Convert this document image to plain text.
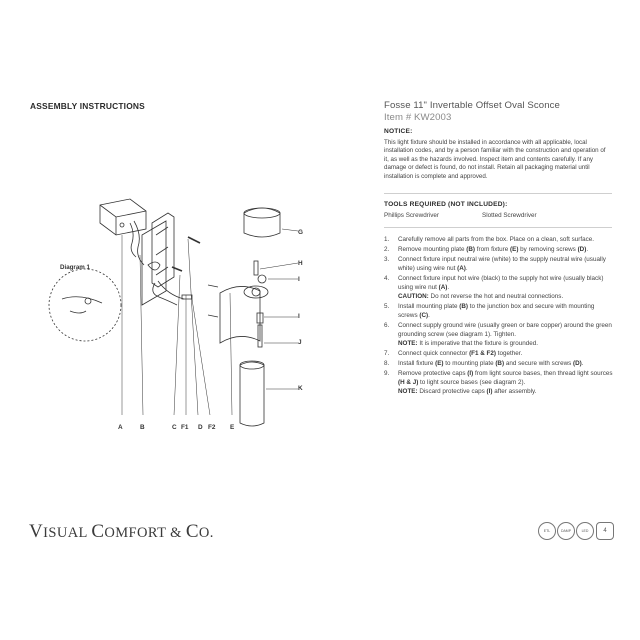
ASSEMBLY INSTRUCTIONS	Fosse 11" Invertable Offset Oval Sconce
Item # KW2003
NOTICE:
This light fixture should be installed in accordance with all applicable, local installation codes, and by a person familiar with the construction and operation of it, as well as the hazards involved. Inspect item and contents carefully. If any damage or defect is found, do not install. Retain all packaging material until installation is complete and approved.
TOOLS REQUIRED (NOT INCLUDED):
Phillips Screwdriver	Slotted Screwdriver
1. Carefully remove all parts from the box. Place on a clean, soft surface.
2. Remove mounting plate (B) from fixture (E) by removing screws (D).
3. Connect fixture input neutral wire (white) to the supply neutral wire (usually white) using wire nut (A).
4. Connect fixture input hot wire (black) to the supply hot wire (usually black) using wire nut (A).
CAUTION: Do not reverse the hot and neutral connections.
5. Install mounting plate (B) to the junction box and secure with mounting screws (C).
6. Connect supply ground wire (usually green or bare copper) around the green grounding screw (see diagram 1). Tighten.
NOTE: It is imperative that the fixture is grounded.
7. Connect quick connector (F1 & F2) together.
8. Install fixture (E) to mounting plate (B) and secure with screws (D).
9. Remove protective caps (I) from light source bases, then thread light sources (H & J) to light source bases (see diagram 2).
NOTE: Discard protective caps (I) after assembly.
Diagram 1
A	B	C F1 D F2 E
G
H
I
I
J
K
VISUAL COMFORT & CO.	ETL	DAMP	LED	4
